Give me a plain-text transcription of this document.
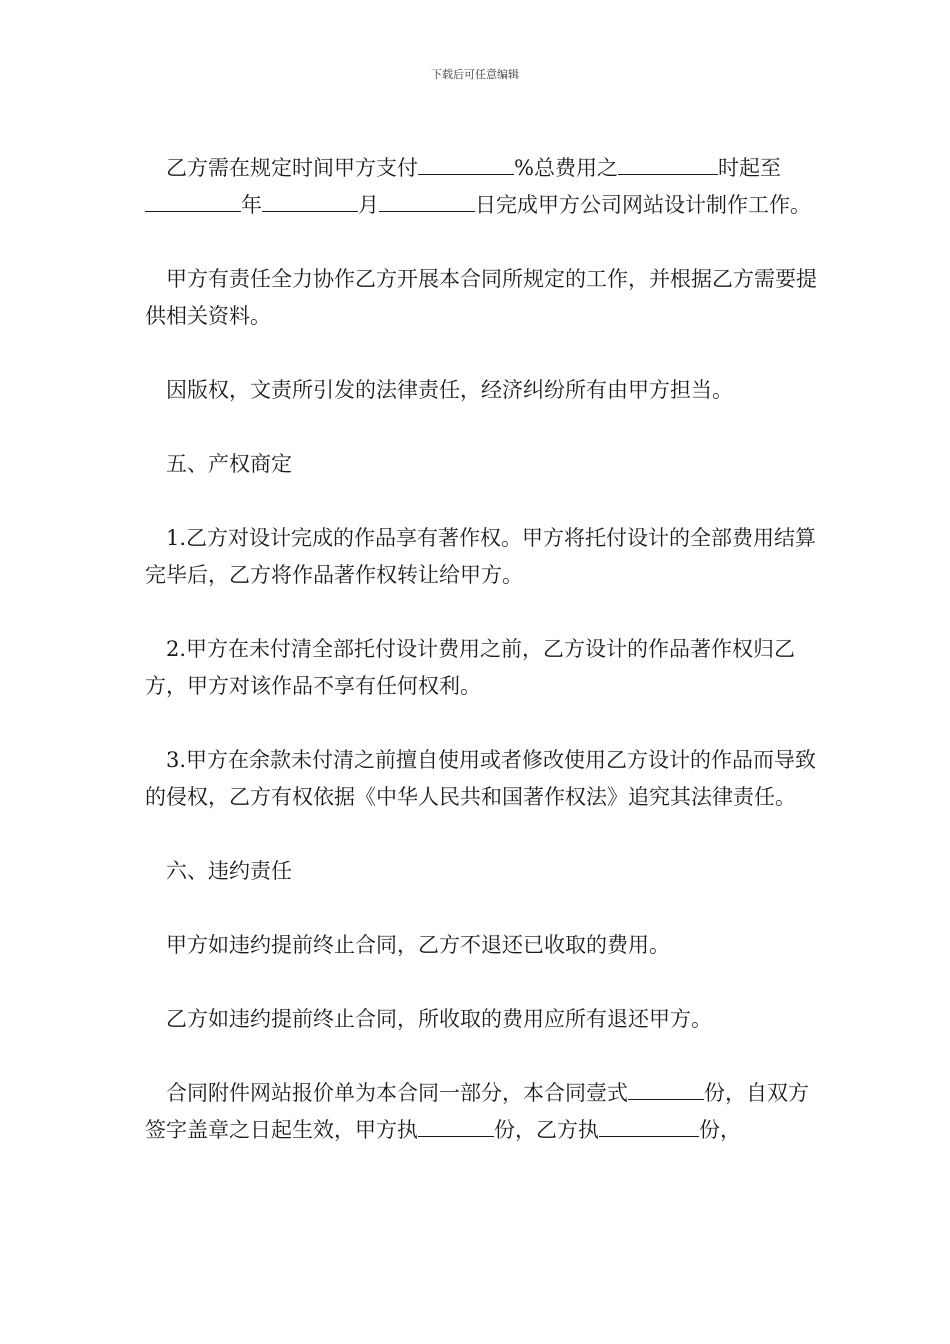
下载后可任意编辑

乙方需在规定时间甲方支付	%总费用之	时起至年	月	日完成甲方公司网站设计制作工作。

甲方有责任全力协作乙方开展本合同所规定的工作，并根据乙方需要提供相关资料。

因版权，文责所引发的法律责任，经济纠纷所有由甲方担当。

五、产权商定

1.乙方对设计完成的作品享有著作权。甲方将托付设计的全部费用结算完毕后，乙方将作品著作权转让给甲方。

2.甲方在未付清全部托付设计费用之前，乙方设计的作品著作权归乙方，甲方对该作品不享有任何权利。

3.甲方在余款未付清之前擅自使用或者修改使用乙方设计的作品而导致的侵权，乙方有权依据《中华人民共和国著作权法》追究其法律责任。

六、违约责任

甲方如违约提前终止合同，乙方不退还已收取的费用。

乙方如违约提前终止合同，所收取的费用应所有退还甲方。

合同附件网站报价单为本合同一部分，本合同壹式	份，自双方签字盖章之日起生效，甲方执	份，乙方执	份，
